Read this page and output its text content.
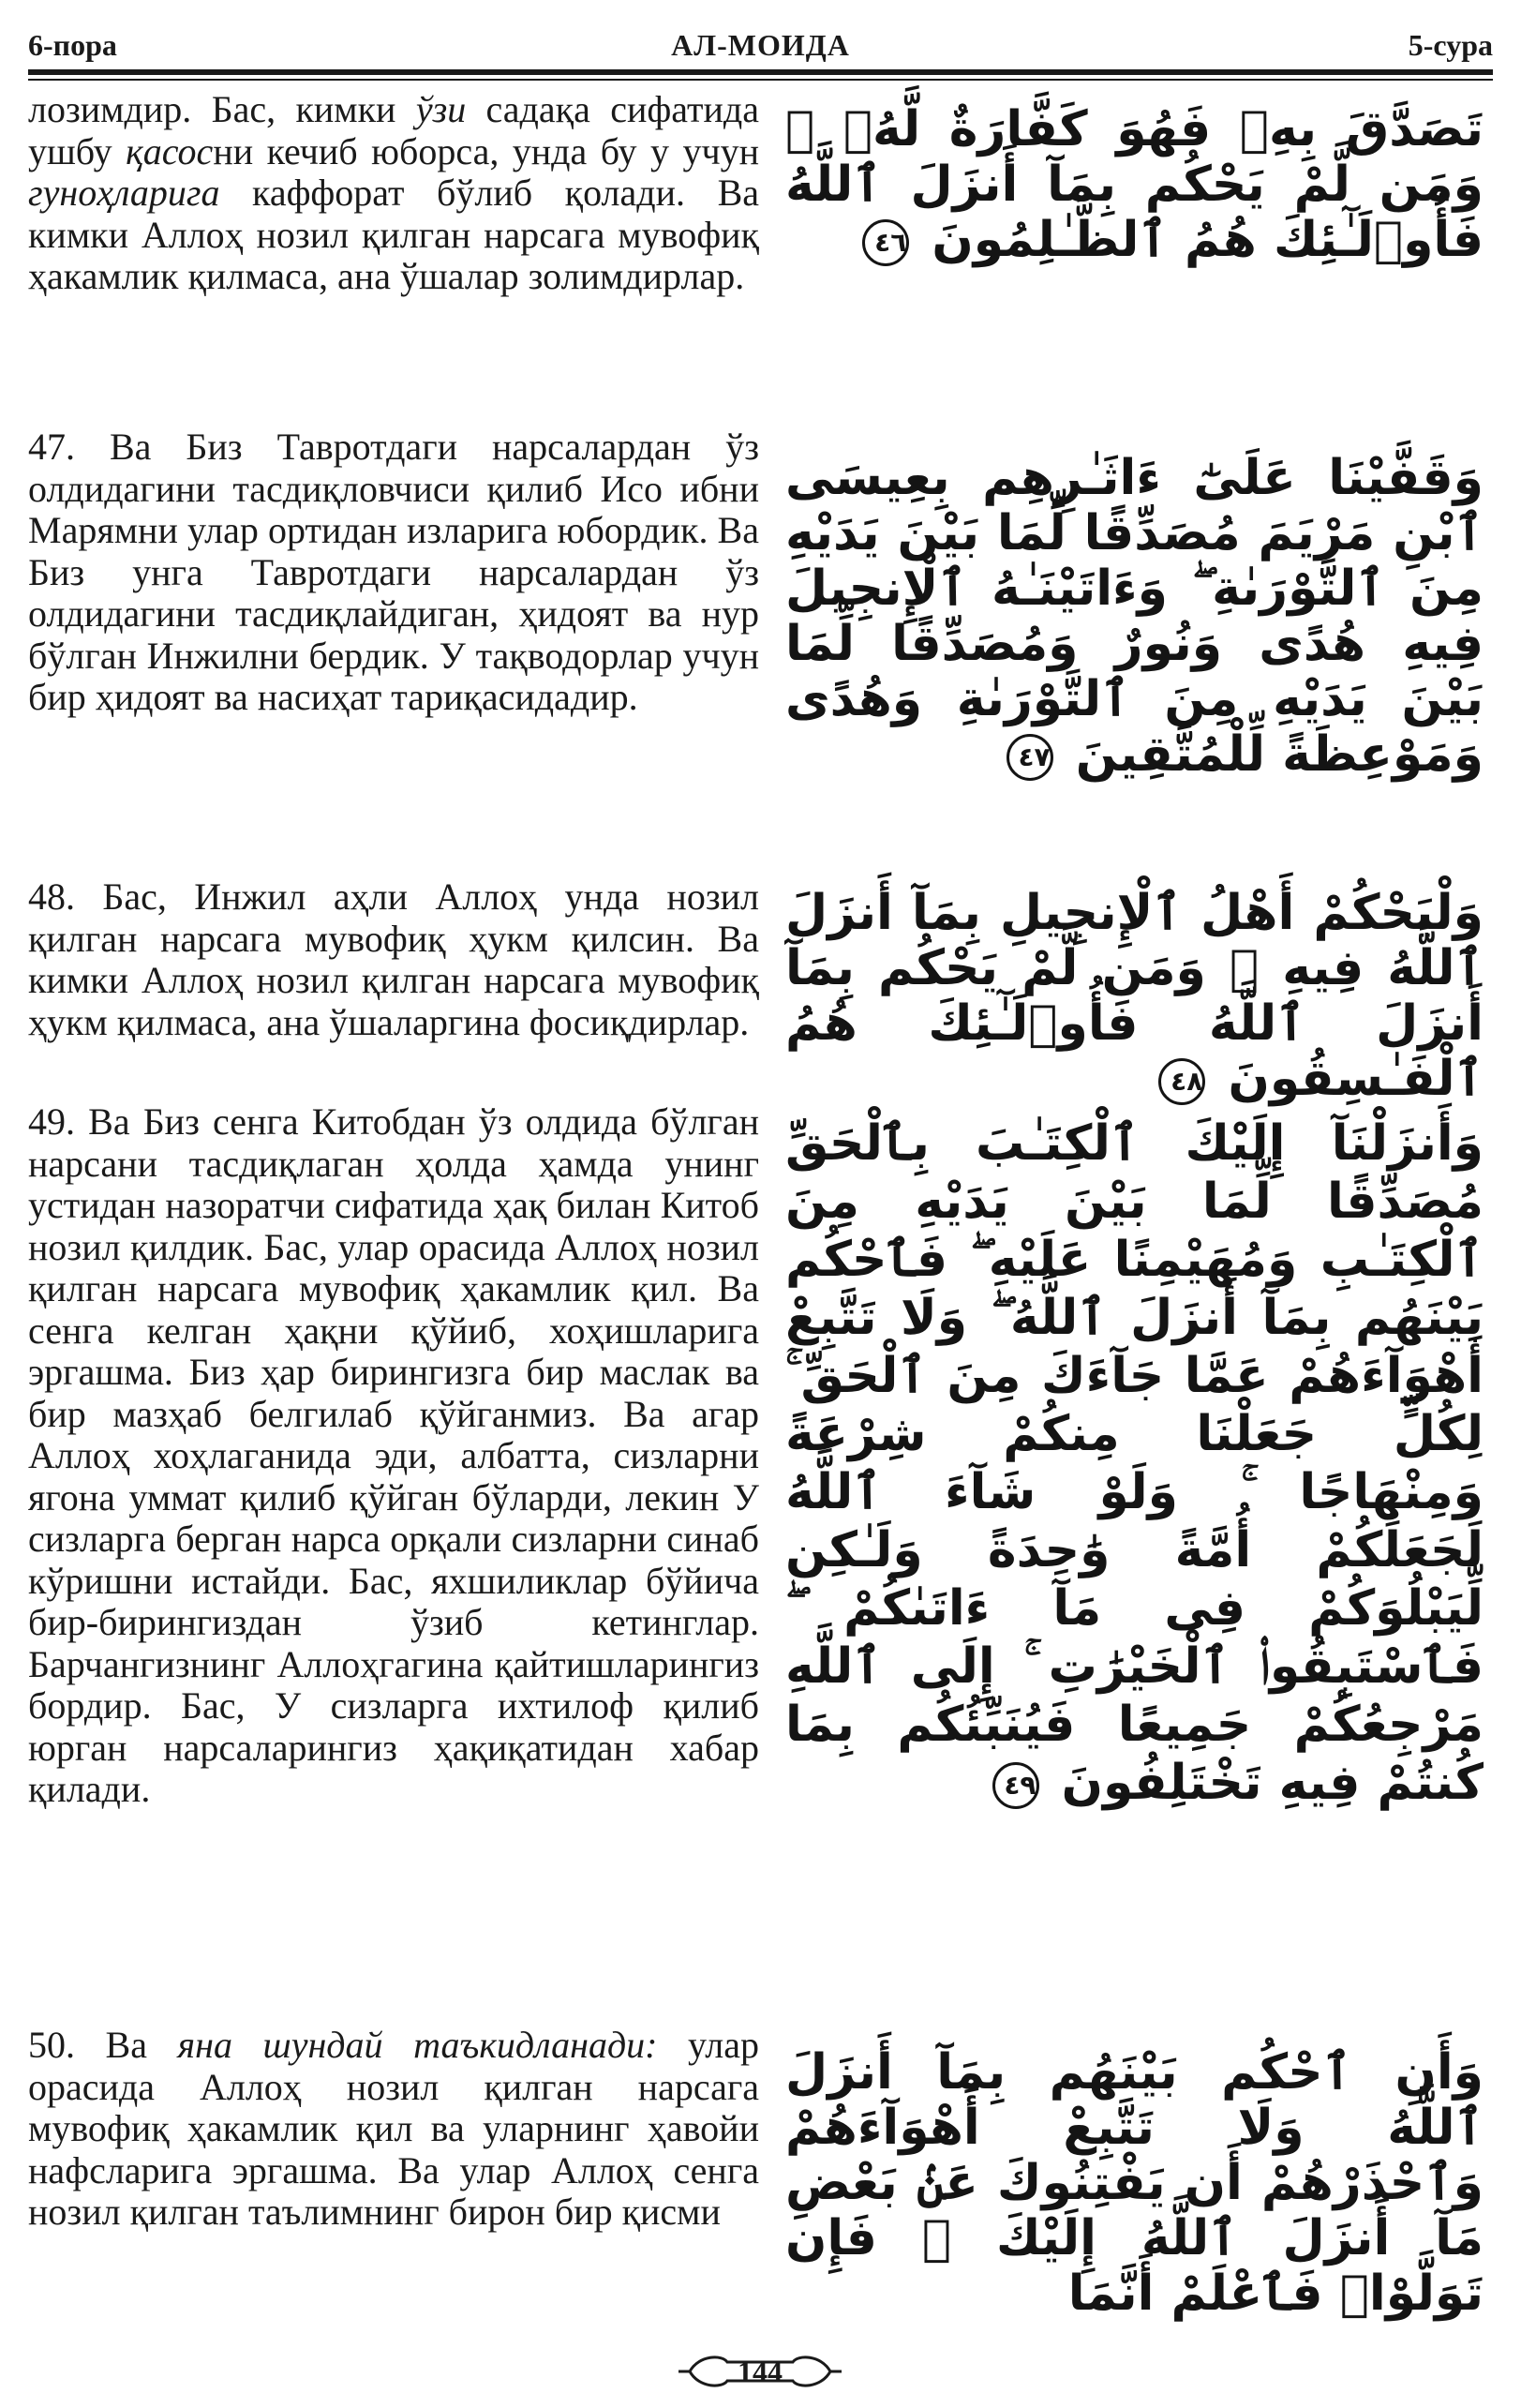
6-пора	АЛ-МОИДА	5-сура
лозимдир. Бас, кимки ўзи садақа сифатида ушбу қасосни кечиб юборса, унда бу у учун гуноҳларига каффорат бўлиб қолади. Ва кимки Аллоҳ нозил қилган нарсага мувофиқ ҳакамлик қилмаса, ана ўшалар золимдирлар.
تَصَدَّقَ بِهِۦ فَهُوَ كَفَّارَةٌ لَّهُۥ ۚ وَمَن لَّمْ يَحْكُم بِمَآ أَنزَلَ ٱللَّهُ فَأُو۟لَـٰٓئِكَ هُمُ ٱلظَّـٰلِمُونَ ٤٦
47. Ва Биз Тавротдаги нарсалардан ўз олдидагини тасдиқловчиси қилиб Исо ибни Марямни улар ортидан изларига юбордик. Ва Биз унга Тавротдаги нарсалардан ўз олдидагини тасдиқлайдиган, ҳидоят ва нур бўлган Инжилни бердик. У тақводорлар учун бир ҳидоят ва насиҳат тариқасидадир.
وَقَفَّيْنَا عَلَىٰٓ ءَاثَـٰرِهِم بِعِيسَى ٱبْنِ مَرْيَمَ مُصَدِّقًا لِّمَا بَيْنَ يَدَيْهِ مِنَ ٱلتَّوْرَىٰةِ ۖ وَءَاتَيْنَـٰهُ ٱلْإِنجِيلَ فِيهِ هُدًى وَنُورٌ وَمُصَدِّقًا لِّمَا بَيْنَ يَدَيْهِ مِنَ ٱلتَّوْرَىٰةِ وَهُدًى وَمَوْعِظَةً لِّلْمُتَّقِينَ ٤٧
48. Бас, Инжил аҳли Аллоҳ унда нозил қилган нарсага мувофиқ ҳукм қилсин. Ва кимки Аллоҳ нозил қилган нарсага мувофиқ ҳукм қилмаса, ана ўшаларгина фосиқдирлар.
وَلْيَحْكُمْ أَهْلُ ٱلْإِنجِيلِ بِمَآ أَنزَلَ ٱللَّهُ فِيهِ ۚ وَمَن لَّمْ يَحْكُم بِمَآ أَنزَلَ ٱللَّهُ فَأُو۟لَـٰٓئِكَ هُمُ ٱلْفَـٰسِقُونَ ٤٨
49. Ва Биз сенга Китобдан ўз олдида бўлган нарсани тасдиқлаган ҳолда ҳамда унинг устидан назоратчи сифатида ҳақ билан Китоб нозил қилдик. Бас, улар орасида Аллоҳ нозил қилган нарсага мувофиқ ҳакамлик қил. Ва сенга келган ҳақни қўйиб, хоҳишларига эргашма. Биз ҳар бирингизга бир маслак ва бир мазҳаб белгилаб қўйганмиз. Ва агар Аллоҳ хоҳлаганида эди, албатта, сизларни ягона уммат қилиб қўйган бўларди, лекин У сизларга берган нарса орқали сизларни синаб кўришни истайди. Бас, яхшиликлар бўйича бир-бирингиздан ўзиб кетинглар. Барчангизнинг Аллоҳгагина қайтишларингиз бордир. Бас, У сизларга ихтилоф қилиб юрган нарсаларингиз ҳақиқатидан хабар қилади.
وَأَنزَلْنَآ إِلَيْكَ ٱلْكِتَـٰبَ بِٱلْحَقِّ مُصَدِّقًا لِّمَا بَيْنَ يَدَيْهِ مِنَ ٱلْكِتَـٰبِ وَمُهَيْمِنًا عَلَيْهِ ۖ فَٱحْكُم بَيْنَهُم بِمَآ أَنزَلَ ٱللَّهُ ۖ وَلَا تَتَّبِعْ أَهْوَآءَهُمْ عَمَّا جَآءَكَ مِنَ ٱلْحَقِّ ۚ لِكُلٍّ جَعَلْنَا مِنكُمْ شِرْعَةً وَمِنْهَاجًا ۚ وَلَوْ شَآءَ ٱللَّهُ لَجَعَلَكُمْ أُمَّةً وَٰحِدَةً وَلَـٰكِن لِّيَبْلُوَكُمْ فِى مَآ ءَاتَىٰكُمْ ۖ فَٱسْتَبِقُوا۟ ٱلْخَيْرَٰتِ ۚ إِلَى ٱللَّهِ مَرْجِعُكُمْ جَمِيعًا فَيُنَبِّئُكُم بِمَا كُنتُمْ فِيهِ تَخْتَلِفُونَ ٤٩
50. Ва яна шундай таъкидланади: улар орасида Аллоҳ нозил қилган нарсага мувофиқ ҳакамлик қил ва уларнинг ҳавойи нафсларига эргашма. Ва улар Аллоҳ сенга нозил қилган таълимнинг бирон бир қисми
وَأَنِ ٱحْكُم بَيْنَهُم بِمَآ أَنزَلَ ٱللَّهُ وَلَا تَتَّبِعْ أَهْوَآءَهُمْ وَٱحْذَرْهُمْ أَن يَفْتِنُوكَ عَنۢ بَعْضِ مَآ أَنزَلَ ٱللَّهُ إِلَيْكَ ۖ فَإِن تَوَلَّوْا۟ فَٱعْلَمْ أَنَّمَا
144
